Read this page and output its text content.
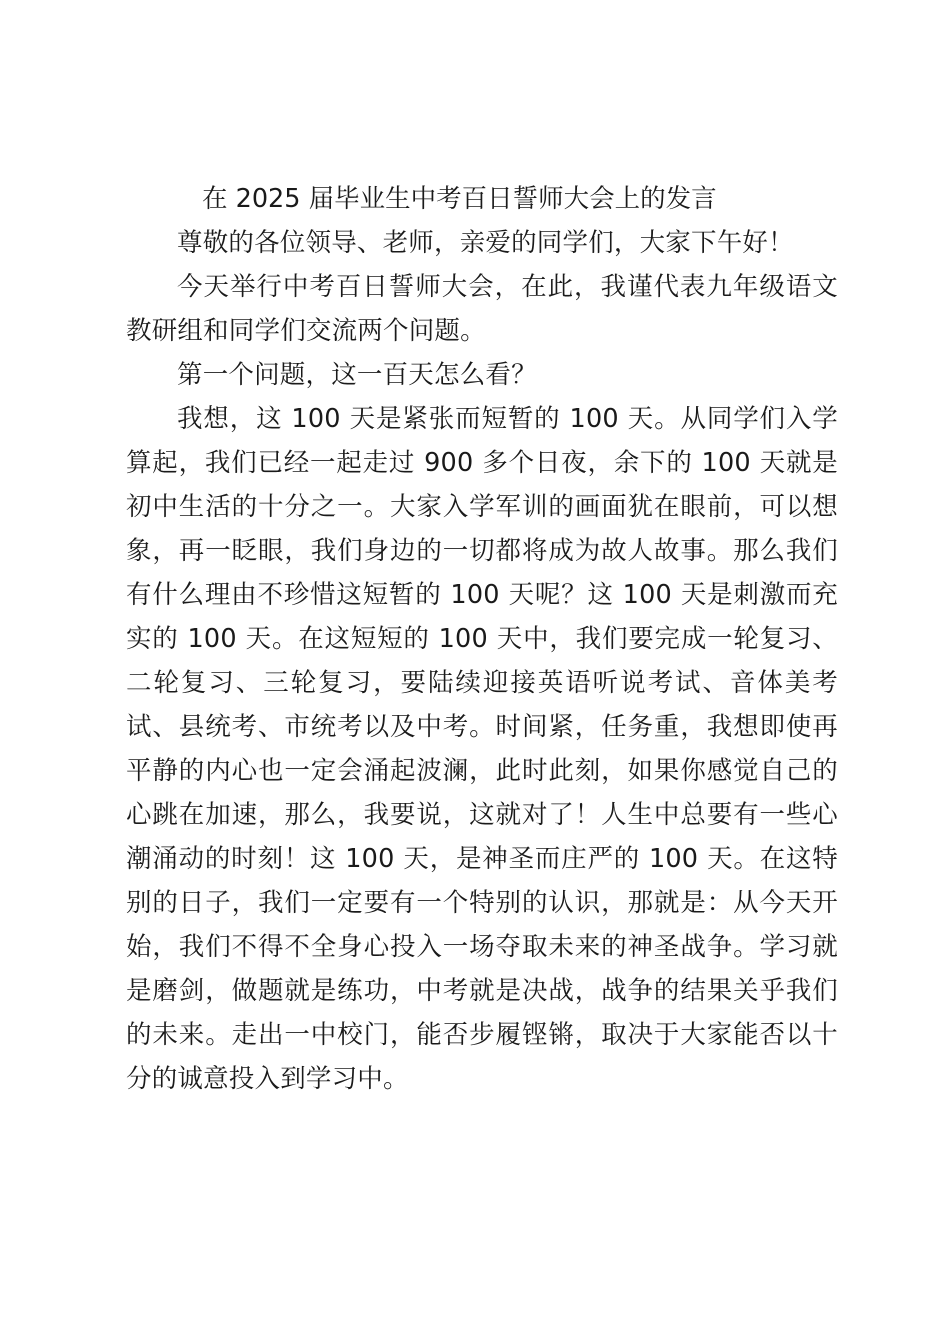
在 2025 届毕业生中考百日誓师大会上的发言

尊敬的各位领导、老师，亲爱的同学们，大家下午好！

今天举行中考百日誓师大会，在此，我谨代表九年级语文教研组和同学们交流两个问题。

第一个问题，这一百天怎么看？

我想，这 100 天是紧张而短暂的 100 天。从同学们入学算起，我们已经一起走过 900 多个日夜，余下的 100 天就是初中生活的十分之一。大家入学军训的画面犹在眼前，可以想象，再一眨眼，我们身边的一切都将成为故人故事。那么我们有什么理由不珍惜这短暂的 100 天呢？这 100 天是刺激而充实的 100 天。在这短短的 100 天中，我们要完成一轮复习、二轮复习、三轮复习，要陆续迎接英语听说考试、音体美考试、县统考、市统考以及中考。时间紧，任务重，我想即使再平静的内心也一定会涌起波澜，此时此刻，如果你感觉自己的心跳在加速，那么，我要说，这就对了！人生中总要有一些心潮涌动的时刻！这 100 天，是神圣而庄严的 100 天。在这特别的日子，我们一定要有一个特别的认识，那就是：从今天开始，我们不得不全身心投入一场夺取未来的神圣战争。学习就是磨剑，做题就是练功，中考就是决战，战争的结果关乎我们的未来。走出一中校门，能否步履铿锵，取决于大家能否以十分的诚意投入到学习中。
